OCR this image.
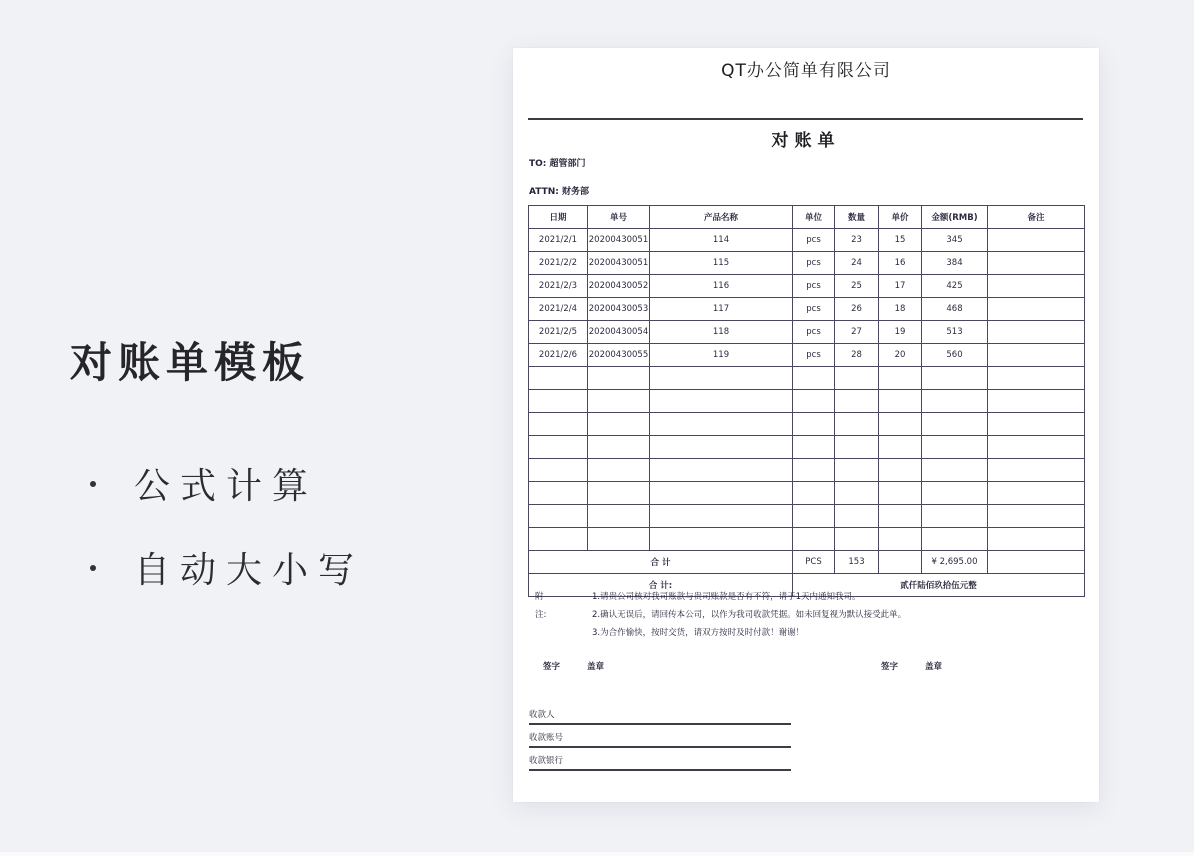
对账单模板
公式计算
自动大小写
QT办公简单有限公司
对账单
TO: 超管部门
ATTN: 财务部
日期	单号	产品名称	单位	数量	单价	金额(RMB)	备注
2021/2/1	20200430051	114	pcs	23	15	345	
2021/2/2	20200430051	115	pcs	24	16	384	
2021/2/3	20200430052	116	pcs	25	17	425	
2021/2/4	20200430053	117	pcs	26	18	468	
2021/2/5	20200430054	118	pcs	27	19	513	
2021/2/6	20200430055	119	pcs	28	20	560	

合 计			PCS	153		¥ 2,695.00	
合 计:			贰仟陆佰玖拾伍元整				
附注:
1.请贵公司核对我司账款与贵司账款是否有不符，请于1天内通知我司。
2.确认无误后，请回传本公司，以作为我司收款凭据。如未回复视为默认接受此单。
3.为合作愉快，按时交货，请双方按时及时付款！谢谢！
签字	盖章	签字	盖章
收款人
收款账号
收款银行
